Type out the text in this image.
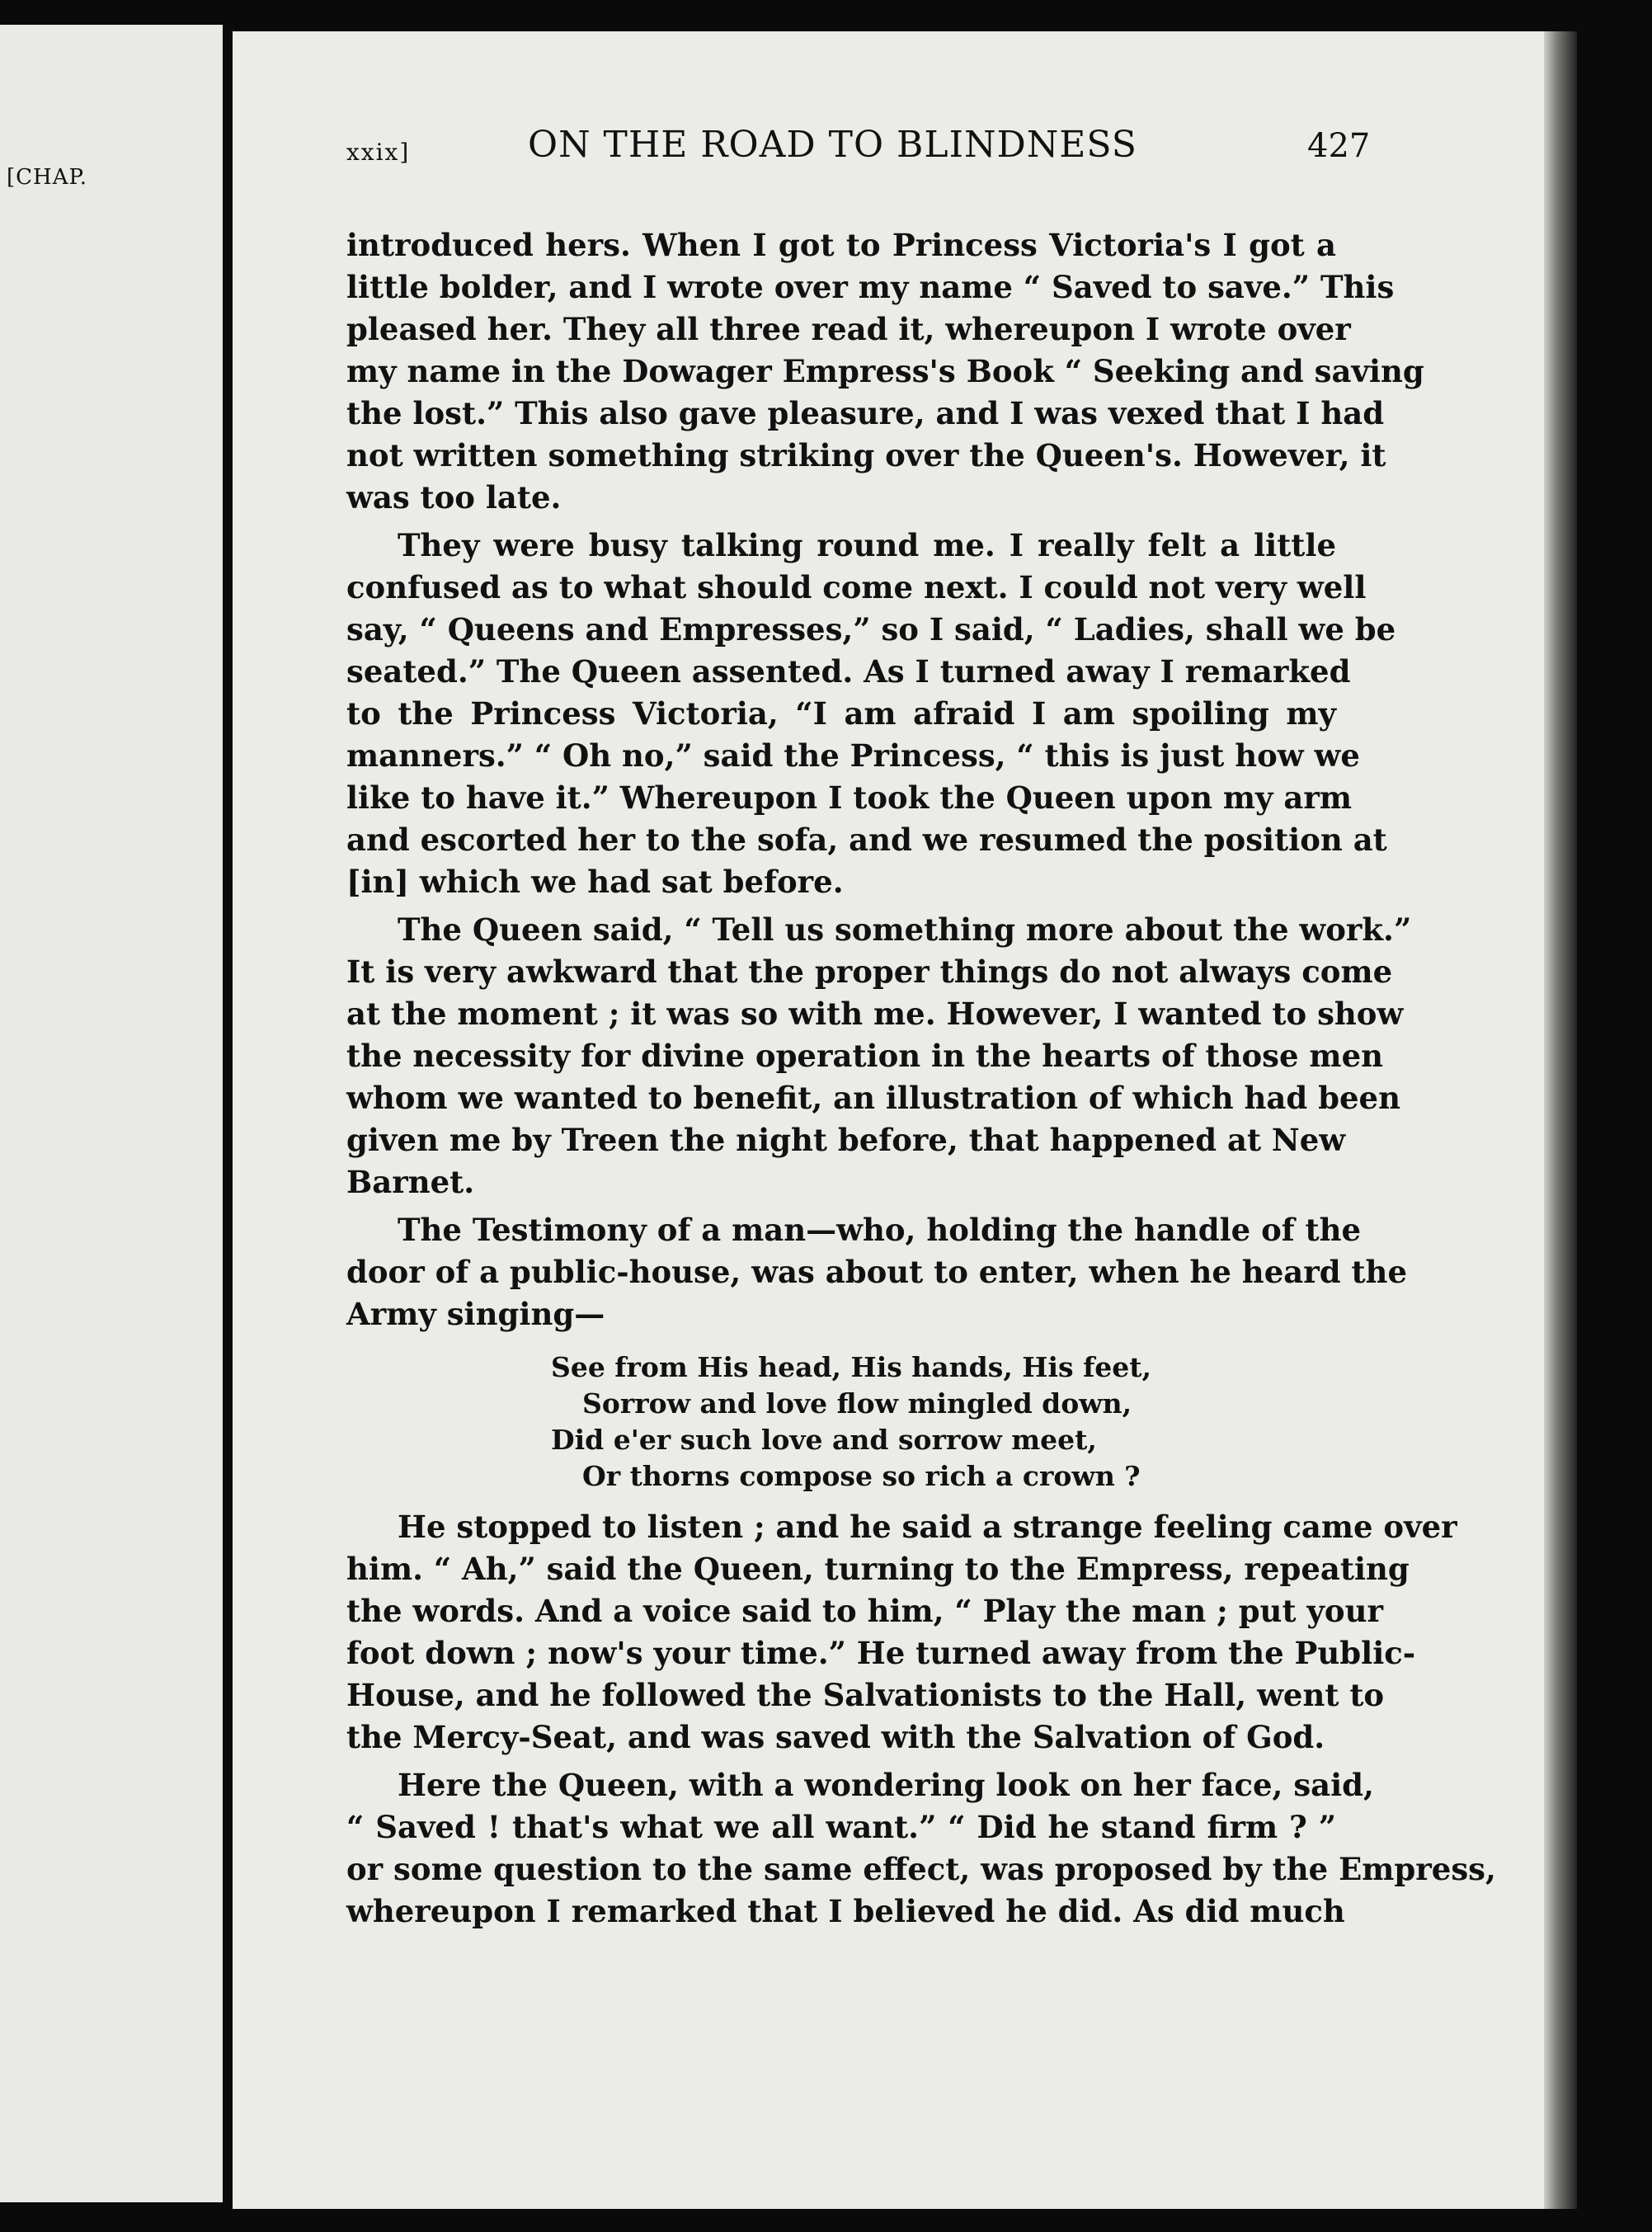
[CHAP.
xxix]	ON THE ROAD TO BLINDNESS	427
introduced hers. When I got to Princess Victoria's I got a
little bolder, and I wrote over my name “ Saved to save.” This
pleased her. They all three read it, whereupon I wrote over
my name in the Dowager Empress's Book “ Seeking and saving
the lost.” This also gave pleasure, and I was vexed that I had
not written something striking over the Queen's. However, it
was too late.
They were busy talking round me. I really felt a little
confused as to what should come next. I could not very well
say, “ Queens and Empresses,” so I said, “ Ladies, shall we be
seated.” The Queen assented. As I turned away I remarked
to the Princess Victoria, “I am afraid I am spoiling my
manners.” “ Oh no,” said the Princess, “ this is just how we
like to have it.” Whereupon I took the Queen upon my arm
and escorted her to the sofa, and we resumed the position at
[in] which we had sat before.
The Queen said, “ Tell us something more about the work.”
It is very awkward that the proper things do not always come
at the moment ; it was so with me. However, I wanted to show
the necessity for divine operation in the hearts of those men
whom we wanted to benefit, an illustration of which had been
given me by Treen the night before, that happened at New
Barnet.
The Testimony of a man—who, holding the handle of the
door of a public-house, was about to enter, when he heard the
Army singing—
See from His head, His hands, His feet,
Sorrow and love flow mingled down,
Did e'er such love and sorrow meet,
Or thorns compose so rich a crown ?
He stopped to listen ; and he said a strange feeling came over
him. “ Ah,” said the Queen, turning to the Empress, repeating
the words. And a voice said to him, “ Play the man ; put your
foot down ; now's your time.” He turned away from the Public-
House, and he followed the Salvationists to the Hall, went to
the Mercy-Seat, and was saved with the Salvation of God.
Here the Queen, with a wondering look on her face, said,
“ Saved ! that's what we all want.” “ Did he stand firm ? ”
or some question to the same effect, was proposed by the Empress,
whereupon I remarked that I believed he did. As did much
